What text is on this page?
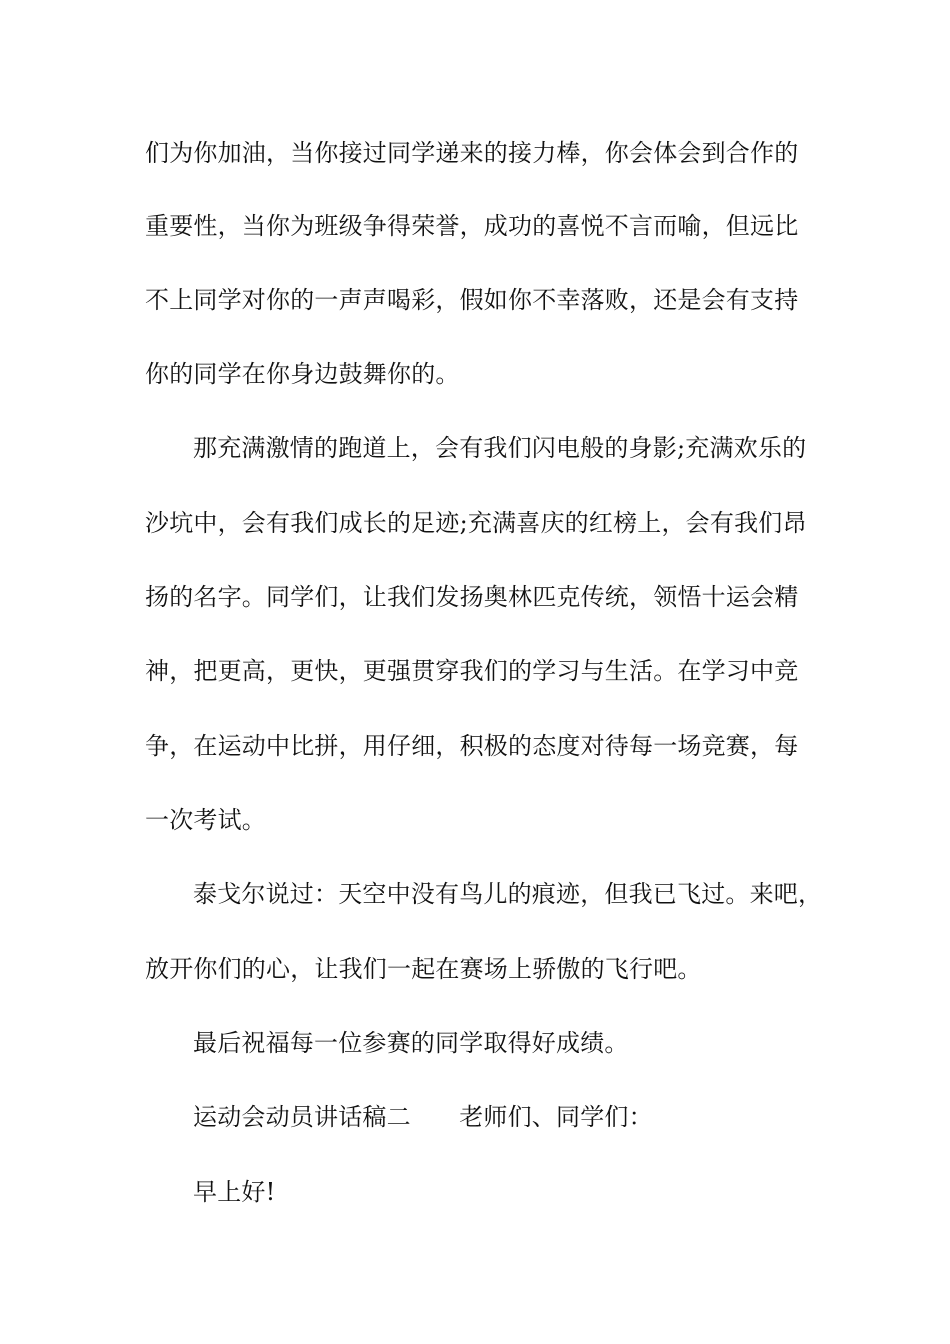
们为你加油，当你接过同学递来的接力棒，你会体会到合作的
重要性，当你为班级争得荣誉，成功的喜悦不言而喻，但远比
不上同学对你的一声声喝彩，假如你不幸落败，还是会有支持
你的同学在你身边鼓舞你的。
那充满激情的跑道上，会有我们闪电般的身影;充满欢乐的
沙坑中，会有我们成长的足迹;充满喜庆的红榜上，会有我们昂
扬的名字。同学们，让我们发扬奥林匹克传统，领悟十运会精
神，把更高，更快，更强贯穿我们的学习与生活。在学习中竞
争，在运动中比拼，用仔细，积极的态度对待每一场竞赛，每
一次考试。
泰戈尔说过：天空中没有鸟儿的痕迹，但我已飞过。来吧，
放开你们的心，让我们一起在赛场上骄傲的飞行吧。
最后祝福每一位参赛的同学取得好成绩。
运动会动员讲话稿二　　老师们、同学们：
早上好!
